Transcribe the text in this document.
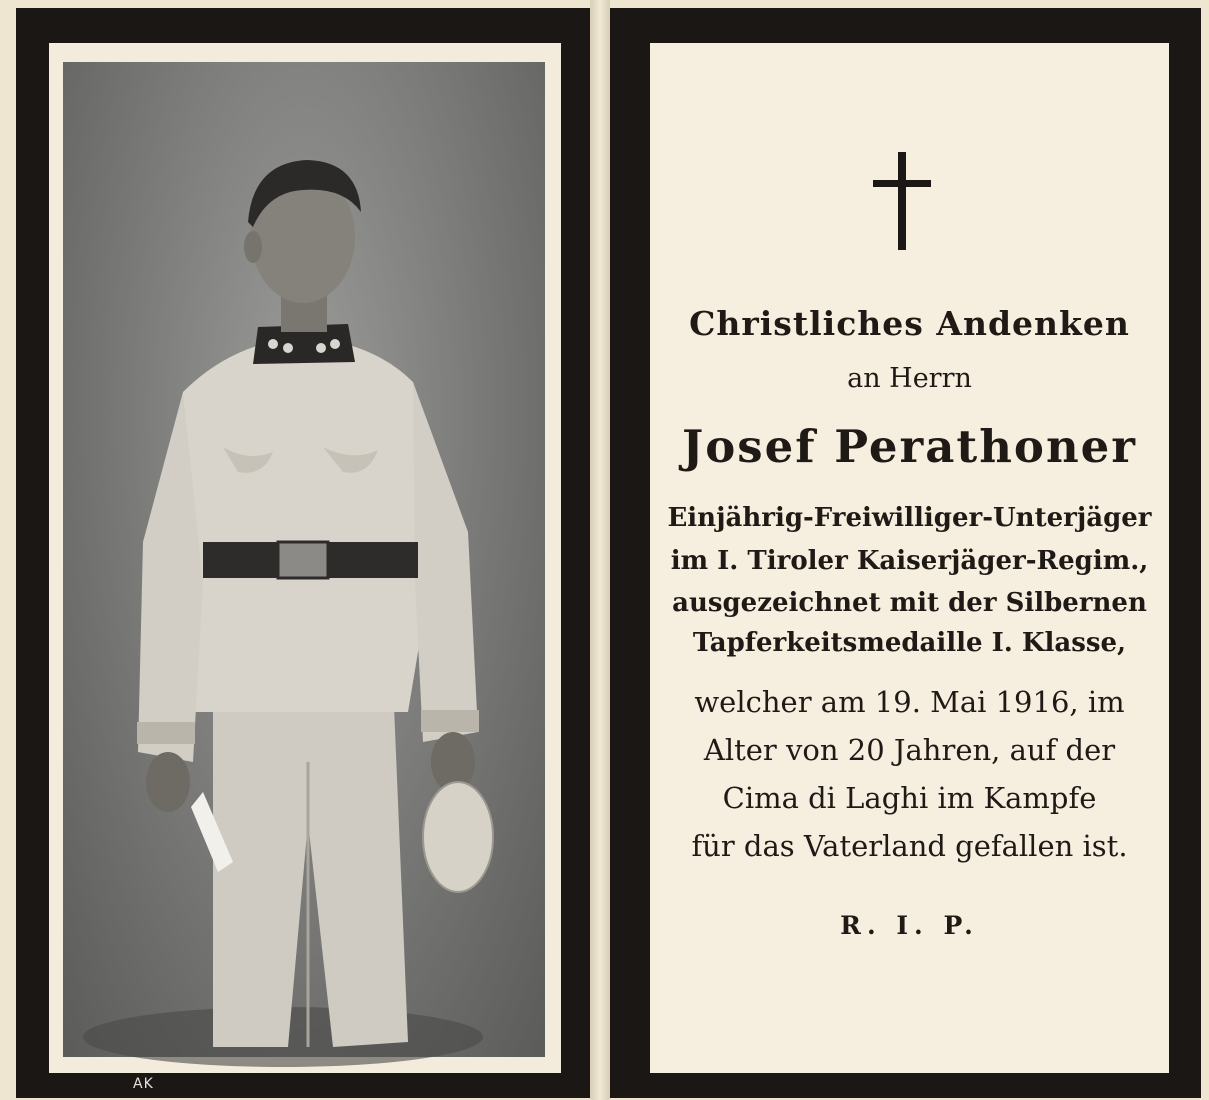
AK
Christliches Andenken
an Herrn
Josef Perathoner
Einjährig-Freiwilliger-Unterjäger
im I. Tiroler Kaiserjäger-Regim.,
ausgezeichnet mit der Silbernen
Tapferkeitsmedaille I. Klasse,
welcher am 19. Mai 1916, im
Alter von 20 Jahren, auf der
Cima di Laghi im Kampfe
für das Vaterland gefallen ist.
R. I. P.
